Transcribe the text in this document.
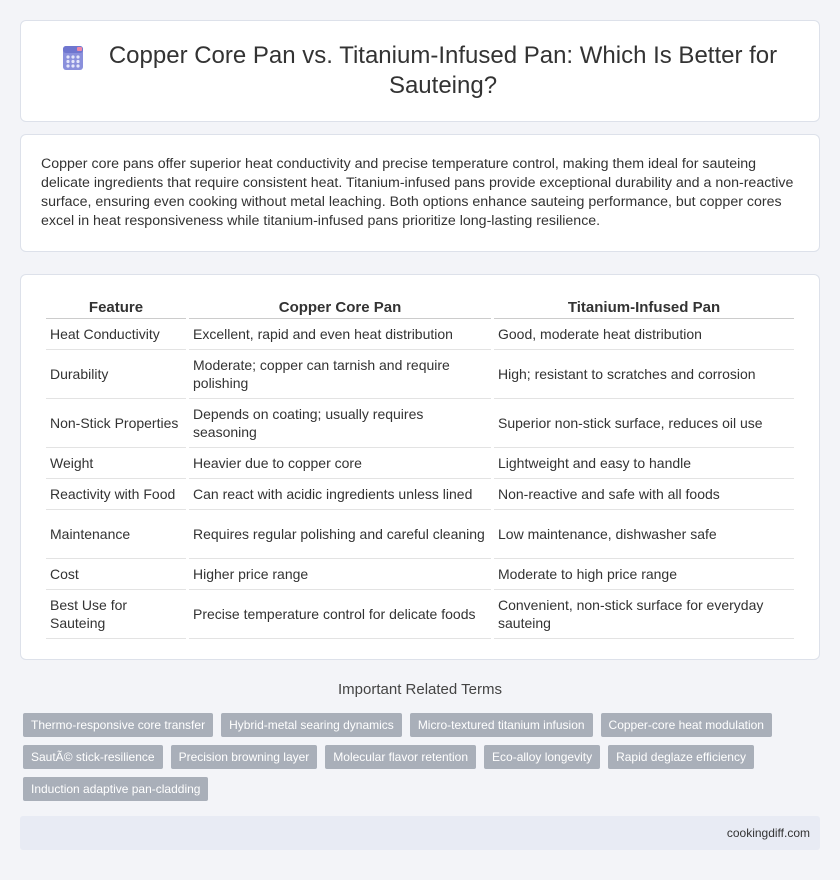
Copper Core Pan vs. Titanium-Infused Pan: Which Is Better for Sauteing?

Copper core pans offer superior heat conductivity and precise temperature control, making them ideal for sauteing delicate ingredients that require consistent heat. Titanium-infused pans provide exceptional durability and a non-reactive surface, ensuring even cooking without metal leaching. Both options enhance sauteing performance, but copper cores excel in heat responsiveness while titanium-infused pans prioritize long-lasting resilience.

Feature	Copper Core Pan	Titanium-Infused Pan
Heat Conductivity	Excellent, rapid and even heat distribution	Good, moderate heat distribution
Durability	Moderate; copper can tarnish and require polishing	High; resistant to scratches and corrosion
Non-Stick Properties	Depends on coating; usually requires seasoning	Superior non-stick surface, reduces oil use
Weight	Heavier due to copper core	Lightweight and easy to handle
Reactivity with Food	Can react with acidic ingredients unless lined	Non-reactive and safe with all foods
Maintenance	Requires regular polishing and careful cleaning	Low maintenance, dishwasher safe
Cost	Higher price range	Moderate to high price range
Best Use for Sauteing	Precise temperature control for delicate foods	Convenient, non-stick surface for everyday sauteing
Important Related Terms
Thermo-responsive core transfer	Hybrid-metal searing dynamics	Micro-textured titanium infusion	Copper-core heat modulation
SautÃ© stick-resilience	Precision browning layer	Molecular flavor retention	Eco-alloy longevity	Rapid deglaze efficiency
Induction adaptive pan-cladding
cookingdiff.com
